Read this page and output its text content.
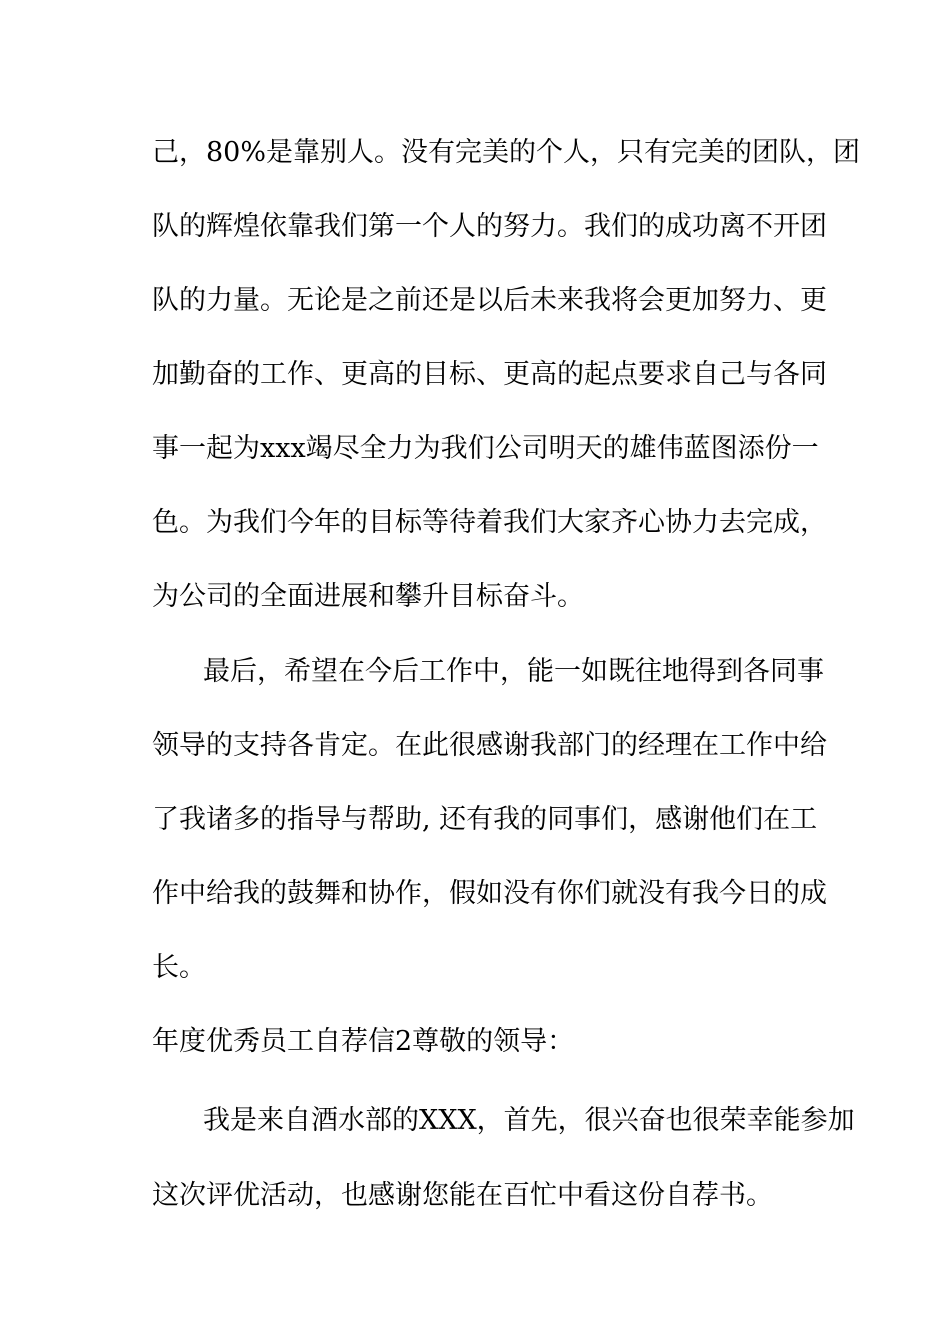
己，80%是靠别人。没有完美的个人，只有完美的团队，团

队的辉煌依靠我们第一个人的努力。我们的成功离不开团

队的力量。无论是之前还是以后未来我将会更加努力、更

加勤奋的工作、更高的目标、更高的起点要求自己与各同

事一起为xxx竭尽全力为我们公司明天的雄伟蓝图添份一

色。为我们今年的目标等待着我们大家齐心协力去完成，

为公司的全面进展和攀升目标奋斗。

最后，希望在今后工作中，能一如既往地得到各同事

领导的支持各肯定。在此很感谢我部门的经理在工作中给

了我诸多的指导与帮助, 还有我的同事们，感谢他们在工

作中给我的鼓舞和协作，假如没有你们就没有我今日的成

长。

年度优秀员工自荐信2尊敬的领导：

我是来自酒水部的XXX，首先，很兴奋也很荣幸能参加

这次评优活动，也感谢您能在百忙中看这份自荐书。
